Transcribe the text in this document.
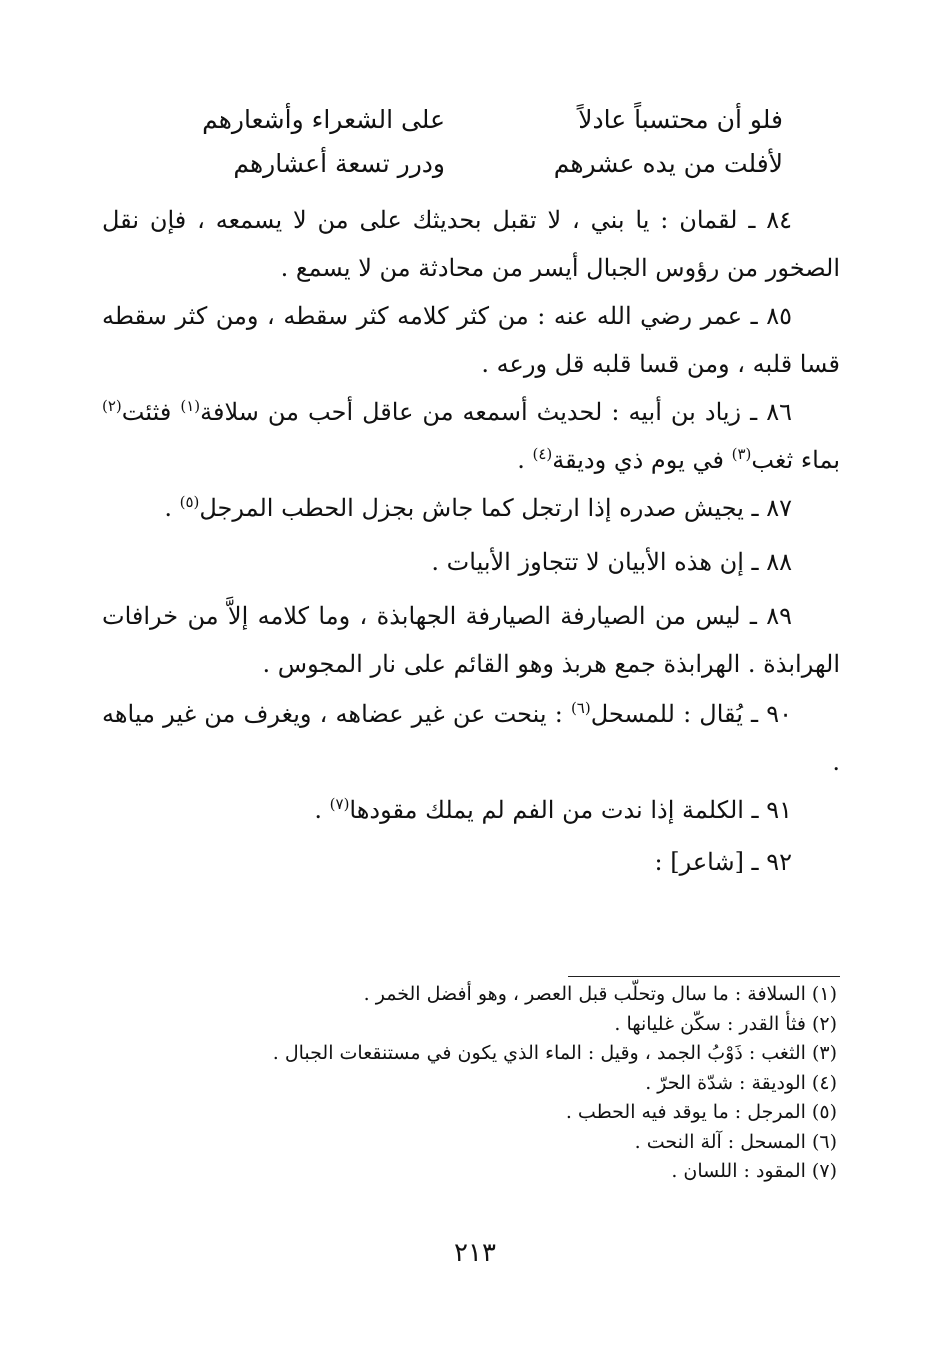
فلو أن محتسباً عادلاً
على الشعراء وأشعارهم
لأفلت من يده عشرهم
ودرر تسعة أعشارهم

٨٤ ـ لقمان : يا بني ، لا تقبل بحديثك على من لا يسمعه ، فإن نقل الصخور من رؤوس الجبال أيسر من محادثة من لا يسمع .

٨٥ ـ عمر رضي الله عنه : من كثر كلامه كثر سقطه ، ومن كثر سقطه قسا قلبه ، ومن قسا قلبه قل ورعه .

٨٦ ـ زياد بن أبيه : لحديث أسمعه من عاقل أحب من سلافة$^{(١)}$ فثئت$^{(٢)}$ بماء ثغب$^{(٣)}$ في يوم ذي وديقة$^{(٤)}$ .

٨٧ ـ يجيش صدره إذا ارتجل كما جاش بجزل الحطب المرجل$^{(٥)}$ .

٨٨ ـ إن هذه الأبيان لا تتجاوز الأبيات .

٨٩ ـ ليس من الصيارفة الصيارفة الجهابذة ، وما كلامه إلاَّ من خرافات الهرابذة . الهرابذة جمع هربذ وهو القائم على نار المجوس .

٩٠ ـ يُقال : للمسحل$^{(٦)}$ : ينحت عن غير عضاهه ، ويغرف من غير مياهه .

٩١ ـ الكلمة إذا ندت من الفم لم يملك مقودها$^{(٧)}$ .

٩٢ ـ [شاعر] :

(١) السلافة : ما سال وتحلّب قبل العصر ، وهو أفضل الخمر .
(٢) فثأ القدر : سكّن غليانها .
(٣) الثغب : ذَوْبُ الجمد ، وقيل : الماء الذي يكون في مستنقعات الجبال .
(٤) الوديقة : شدّة الحرّ .
(٥) المرجل : ما يوقد فيه الحطب .
(٦) المسحل : آلة النحت .
(٧) المقود : اللسان .
٢١٣
